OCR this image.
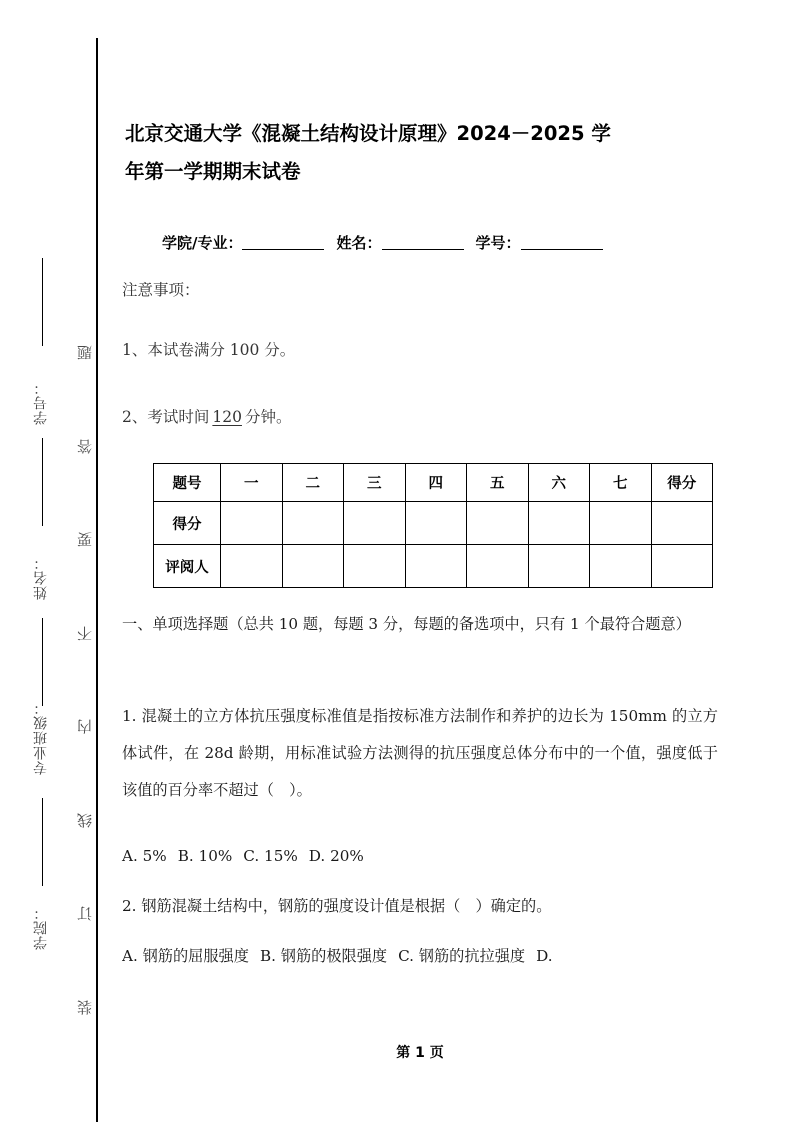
学号：
姓名：
专业班级：
学院：
题
答
要
不
内
线
订
装
北京交通大学《混凝土结构设计原理》2024－2025 学
年第一学期期末试卷
学院/专业：	姓名：	学号：
注意事项：
1、本试卷满分 100 分。
2、考试时间 120 分钟。
题号	一	二	三	四	五	六	七	得分
得分								
评阅人								
一、单项选择题（总共 10 题，每题 3 分，每题的备选项中，只有 1 个最符合题意）
1. 混凝土的立方体抗压强度标准值是指按标准方法制作和养护的边长为 150mm 的立方体试件，在 28d 龄期，用标准试验方法测得的抗压强度总体分布中的一个值，强度低于该值的百分率不超过（　）。
A. 5% B. 10% C. 15% D. 20%
2. 钢筋混凝土结构中，钢筋的强度设计值是根据（　）确定的。
A. 钢筋的屈服强度 B. 钢筋的极限强度 C. 钢筋的抗拉强度 D.
第 1 页
